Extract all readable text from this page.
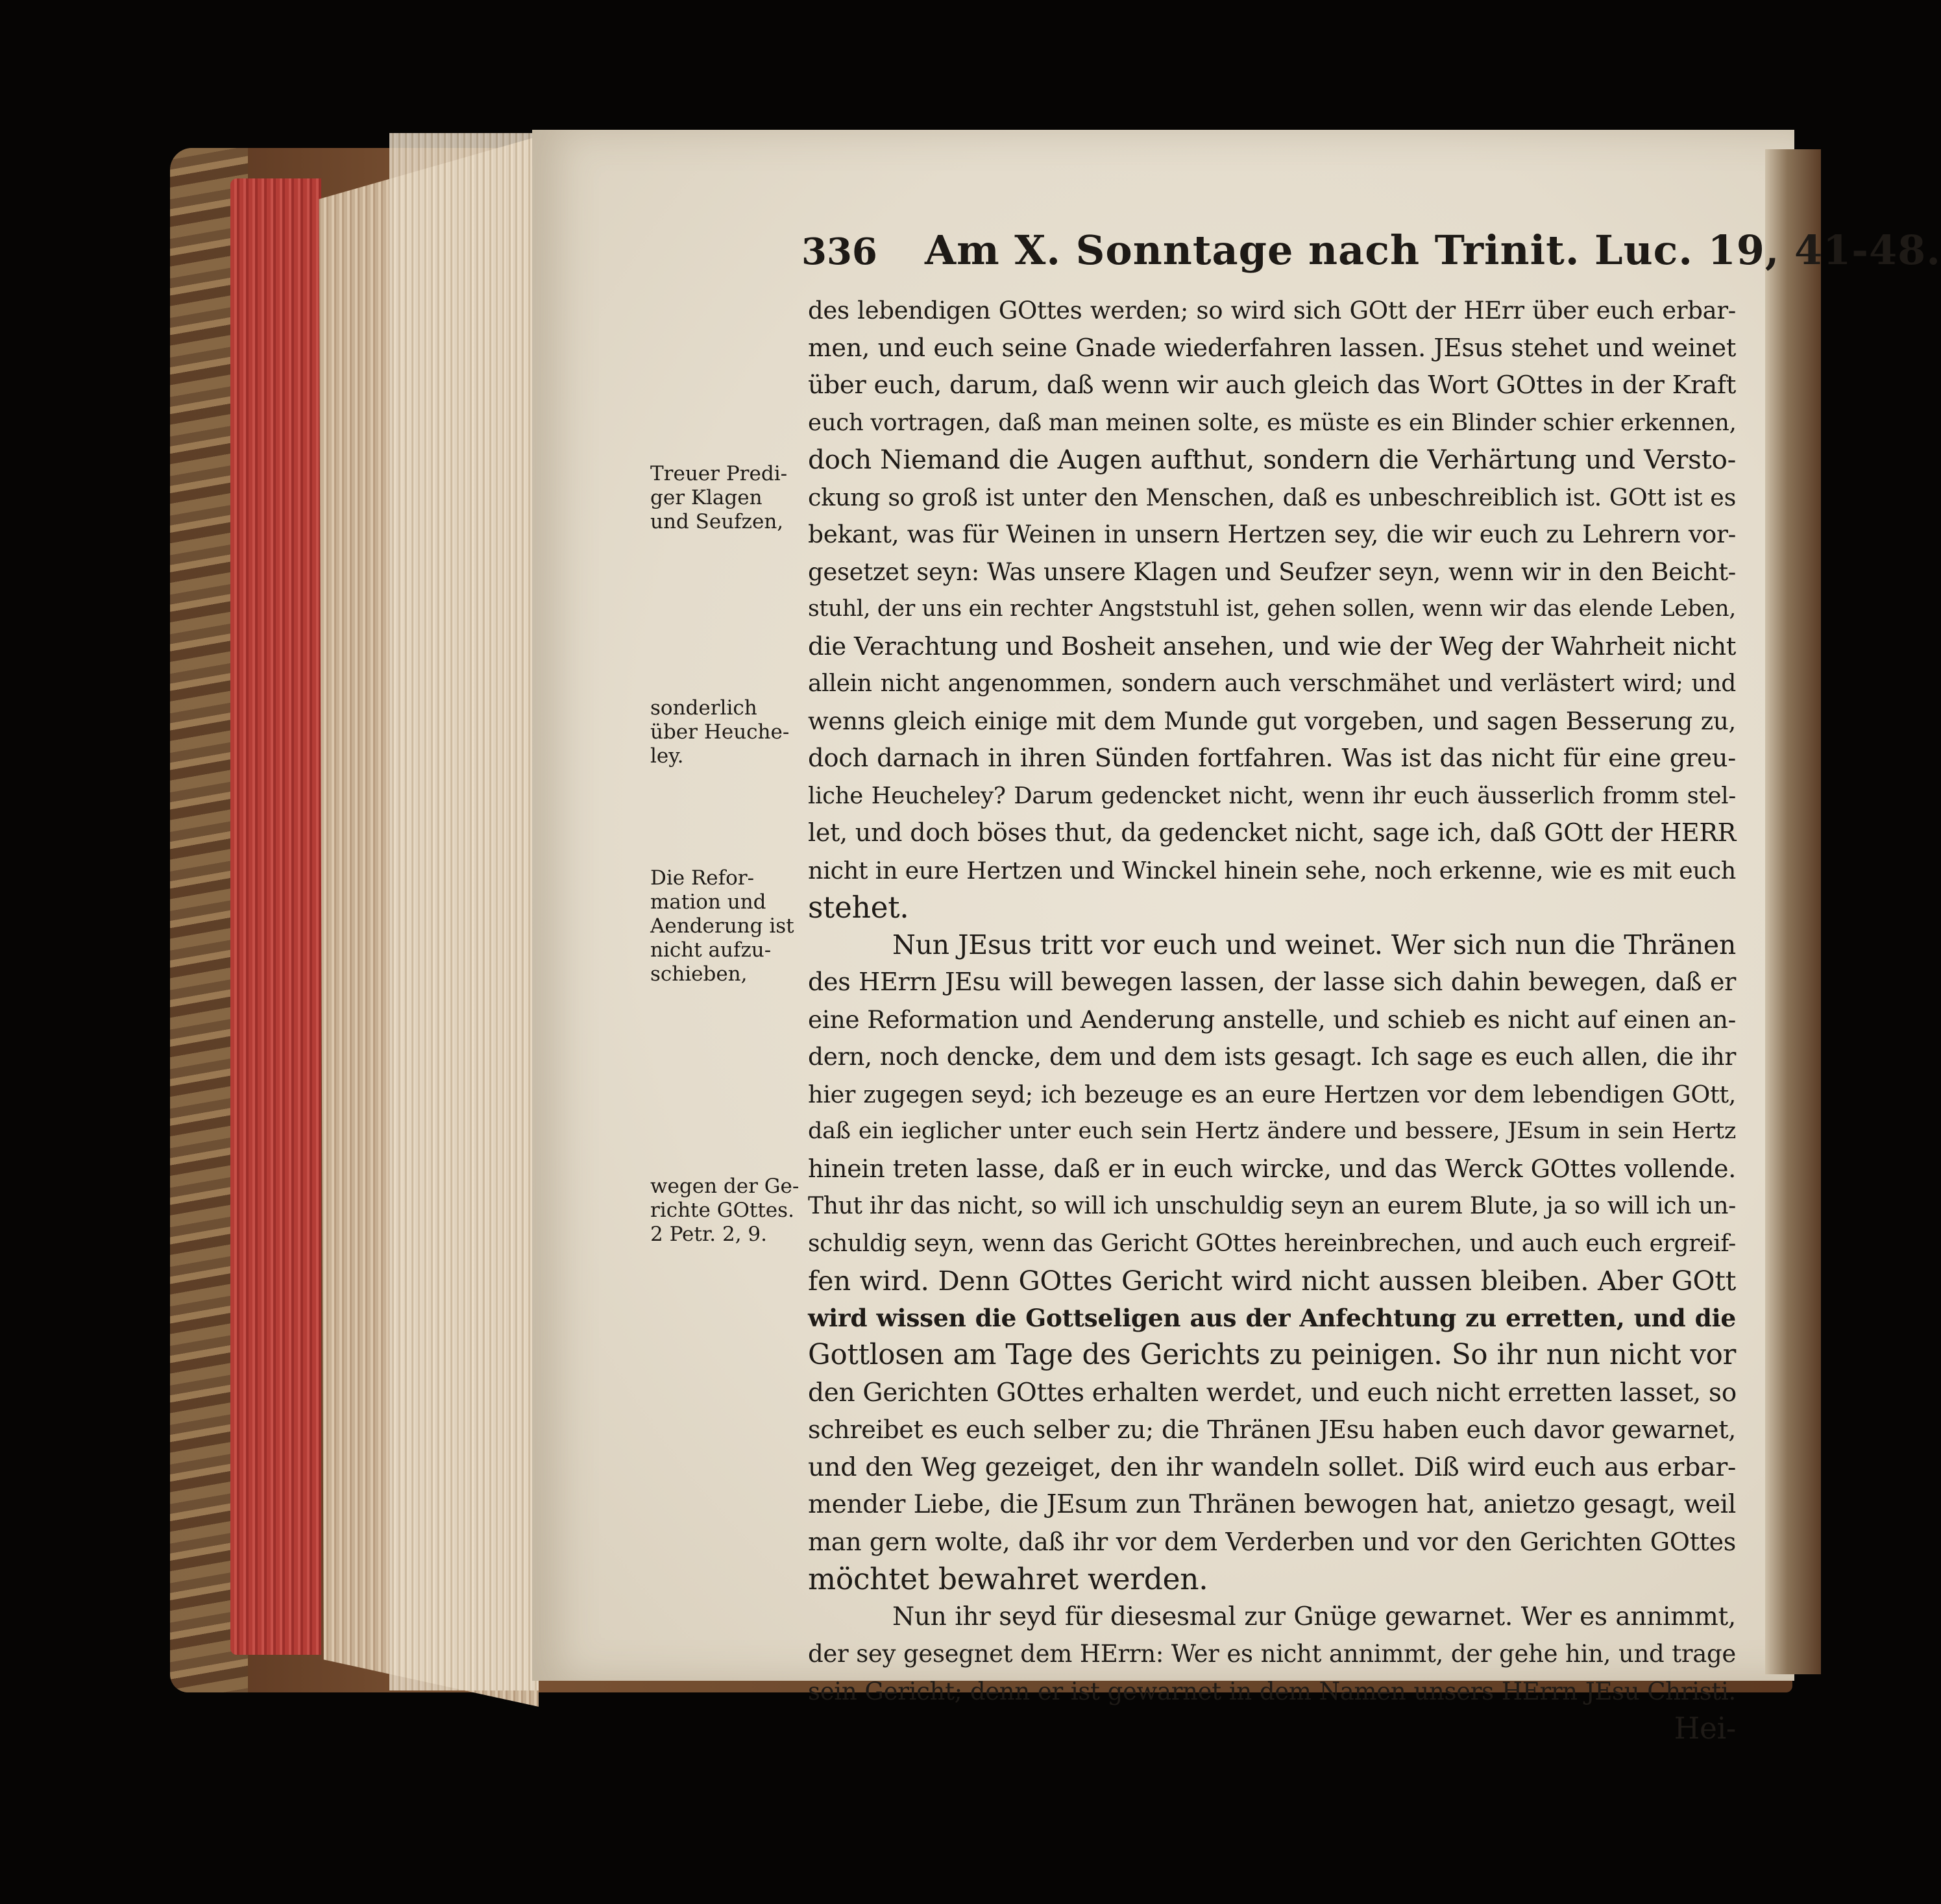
336 Am X. Sonntage nach Trinit. Luc. 19, 41-48.
des lebendigen GOttes werden; so wird sich GOtt der HErr über euch erbar-
men, und euch seine Gnade wiederfahren lassen. JEsus stehet und weinet
über euch, darum, daß wenn wir auch gleich das Wort GOttes in der Kraft
euch vortragen, daß man meinen solte, es müste es ein Blinder schier erkennen,
doch Niemand die Augen aufthut, sondern die Verhärtung und Versto-
ckung so groß ist unter den Menschen, daß es unbeschreiblich ist. GOtt ist es
bekant, was für Weinen in unsern Hertzen sey, die wir euch zu Lehrern vor-
gesetzet seyn: Was unsere Klagen und Seufzer seyn, wenn wir in den Beicht-
stuhl, der uns ein rechter Angststuhl ist, gehen sollen, wenn wir das elende Leben,
die Verachtung und Bosheit ansehen, und wie der Weg der Wahrheit nicht
allein nicht angenommen, sondern auch verschmähet und verlästert wird; und
wenns gleich einige mit dem Munde gut vorgeben, und sagen Besserung zu,
doch darnach in ihren Sünden fortfahren. Was ist das nicht für eine greu-
liche Heucheley? Darum gedencket nicht, wenn ihr euch äusserlich fromm stel-
let, und doch böses thut, da gedencket nicht, sage ich, daß GOtt der HERR
nicht in eure Hertzen und Winckel hinein sehe, noch erkenne, wie es mit euch
stehet.
Nun JEsus tritt vor euch und weinet. Wer sich nun die Thränen
des HErrn JEsu will bewegen lassen, der lasse sich dahin bewegen, daß er
eine Reformation und Aenderung anstelle, und schieb es nicht auf einen an-
dern, noch dencke, dem und dem ists gesagt. Ich sage es euch allen, die ihr
hier zugegen seyd; ich bezeuge es an eure Hertzen vor dem lebendigen GOtt,
daß ein ieglicher unter euch sein Hertz ändere und bessere, JEsum in sein Hertz
hinein treten lasse, daß er in euch wircke, und das Werck GOttes vollende.
Thut ihr das nicht, so will ich unschuldig seyn an eurem Blute, ja so will ich un-
schuldig seyn, wenn das Gericht GOttes hereinbrechen, und auch euch ergreif-
fen wird. Denn GOttes Gericht wird nicht aussen bleiben. Aber GOtt
wird wissen die Gottseligen aus der Anfechtung zu erretten, und die
Gottlosen am Tage des Gerichts zu peinigen. So ihr nun nicht vor
den Gerichten GOttes erhalten werdet, und euch nicht erretten lasset, so
schreibet es euch selber zu; die Thränen JEsu haben euch davor gewarnet,
und den Weg gezeiget, den ihr wandeln sollet. Diß wird euch aus erbar-
mender Liebe, die JEsum zun Thränen bewogen hat, anietzo gesagt, weil
man gern wolte, daß ihr vor dem Verderben und vor den Gerichten GOttes
möchtet bewahret werden.
Nun ihr seyd für diesesmal zur Gnüge gewarnet. Wer es annimmt,
der sey gesegnet dem HErrn: Wer es nicht annimmt, der gehe hin, und trage
sein Gericht; denn er ist gewarnet in dem Namen unsers HErrn JEsu Christi.
Hei-
Treuer Predi-
ger Klagen
und Seufzen,
sonderlich
über Heuche-
ley.
Die Refor-
mation und
Aenderung ist
nicht aufzu-
schieben,
wegen der Ge-
richte GOttes.
2 Petr. 2, 9.
